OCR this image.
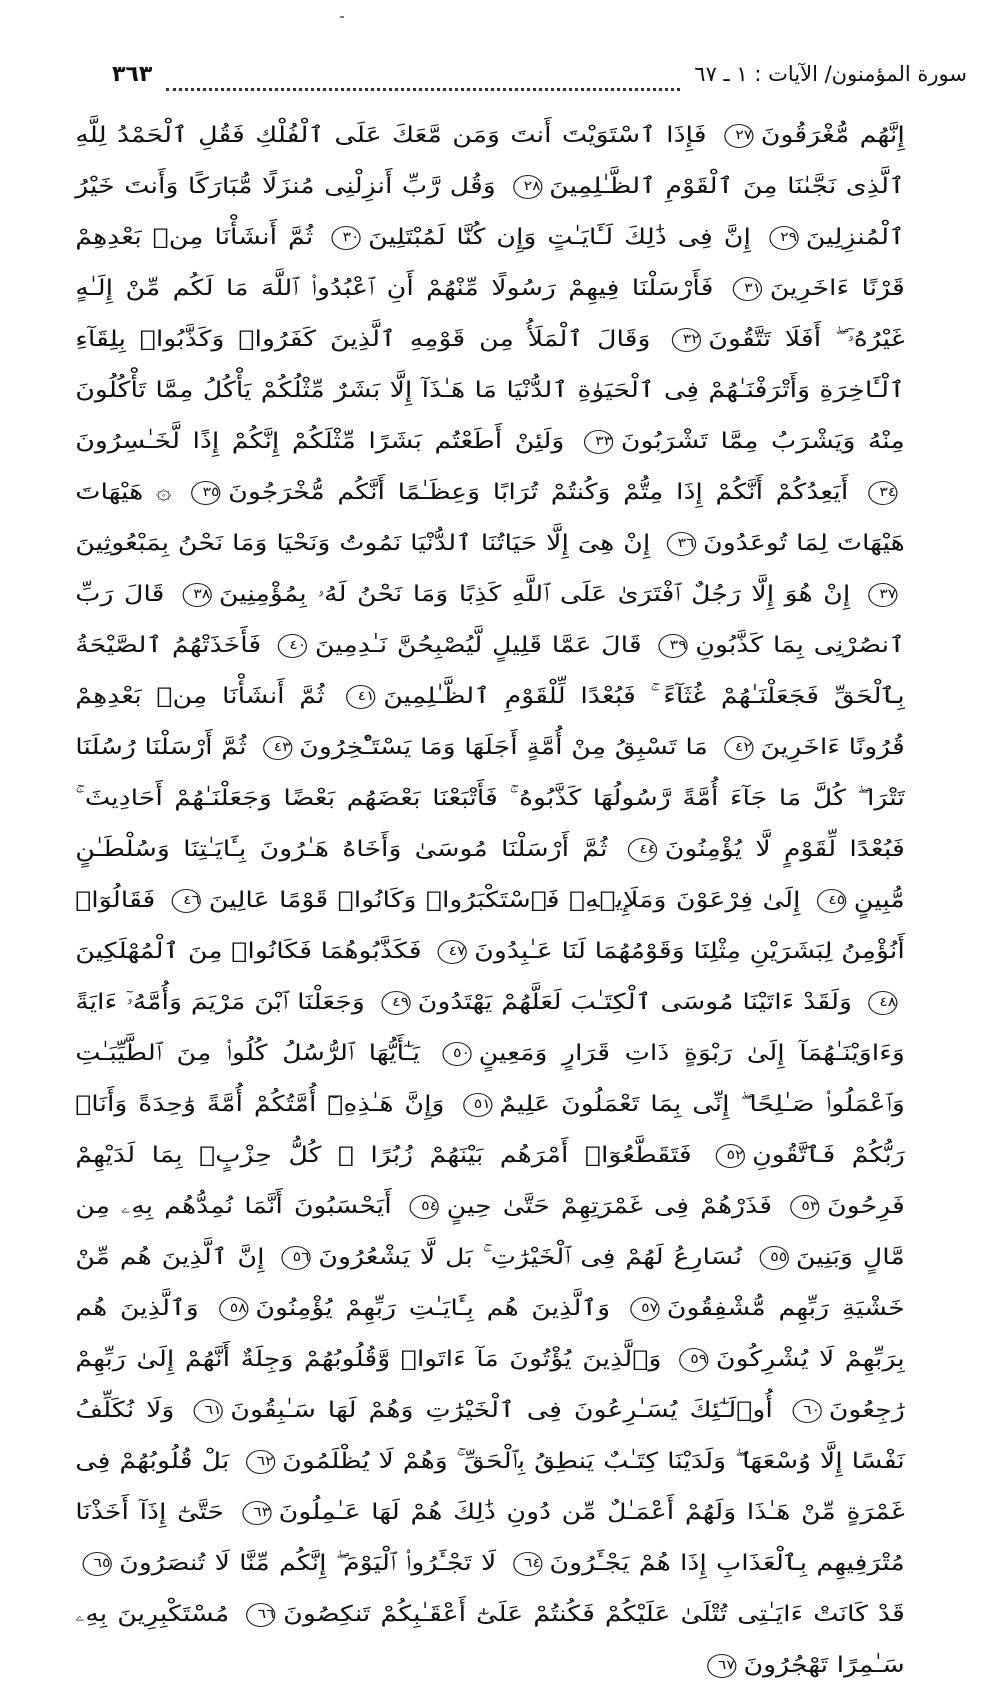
سورة المؤمنون/ الآيات : ١ ـ ٦٧
٣٦٣
إِنَّهُم مُّغْرَقُونَ٢٧ فَإِذَا ٱسْتَوَيْتَ أَنتَ وَمَن مَّعَكَ عَلَى ٱلْفُلْكِ فَقُلِ ٱلْحَمْدُ لِلَّهِ ٱلَّذِى نَجَّىٰنَا مِنَ ٱلْقَوْمِ ٱلظَّـٰلِمِينَ٢٨ وَقُل رَّبِّ أَنزِلْنِى مُنزَلًا مُّبَارَكًا وَأَنتَ خَيْرُ ٱلْمُنزِلِينَ٢٩ إِنَّ فِى ذَٰلِكَ لَـَٔايَـٰتٍ وَإِن كُنَّا لَمُبْتَلِينَ٣٠ ثُمَّ أَنشَأْنَا مِنۢ بَعْدِهِمْ قَرْنًا ءَاخَرِينَ٣١ فَأَرْسَلْنَا فِيهِمْ رَسُولًا مِّنْهُمْ أَنِ ٱعْبُدُوا۟ ٱللَّهَ مَا لَكُم مِّنْ إِلَـٰهٍ غَيْرُهُۥٓ ۖ أَفَلَا تَتَّقُونَ٣٢ وَقَالَ ٱلْمَلَأُ مِن قَوْمِهِ ٱلَّذِينَ كَفَرُوا۟ وَكَذَّبُوا۟ بِلِقَآءِ ٱلْـَٔاخِرَةِ وَأَتْرَفْنَـٰهُمْ فِى ٱلْحَيَوٰةِ ٱلدُّنْيَا مَا هَـٰذَآ إِلَّا بَشَرٌ مِّثْلُكُمْ يَأْكُلُ مِمَّا تَأْكُلُونَ مِنْهُ وَيَشْرَبُ مِمَّا تَشْرَبُونَ٣٣ وَلَئِنْ أَطَعْتُم بَشَرًا مِّثْلَكُمْ إِنَّكُمْ إِذًا لَّخَـٰسِرُونَ٣٤ أَيَعِدُكُمْ أَنَّكُمْ إِذَا مِتُّمْ وَكُنتُمْ تُرَابًا وَعِظَـٰمًا أَنَّكُم مُّخْرَجُونَ٣٥ ۞ هَيْهَاتَ هَيْهَاتَ لِمَا تُوعَدُونَ٣٦ إِنْ هِىَ إِلَّا حَيَاتُنَا ٱلدُّنْيَا نَمُوتُ وَنَحْيَا وَمَا نَحْنُ بِمَبْعُوثِينَ٣٧ إِنْ هُوَ إِلَّا رَجُلٌ ٱفْتَرَىٰ عَلَى ٱللَّهِ كَذِبًا وَمَا نَحْنُ لَهُۥ بِمُؤْمِنِينَ٣٨ قَالَ رَبِّ ٱنصُرْنِى بِمَا كَذَّبُونِ٣٩ قَالَ عَمَّا قَلِيلٍ لَّيُصْبِحُنَّ نَـٰدِمِينَ٤٠ فَأَخَذَتْهُمُ ٱلصَّيْحَةُ بِٱلْحَقِّ فَجَعَلْنَـٰهُمْ غُثَآءً ۚ فَبُعْدًا لِّلْقَوْمِ ٱلظَّـٰلِمِينَ٤١ ثُمَّ أَنشَأْنَا مِنۢ بَعْدِهِمْ قُرُونًا ءَاخَرِينَ٤٢ مَا تَسْبِقُ مِنْ أُمَّةٍ أَجَلَهَا وَمَا يَسْتَـْٔخِرُونَ٤٣ ثُمَّ أَرْسَلْنَا رُسُلَنَا تَتْرَا ۖ كُلَّ مَا جَآءَ أُمَّةً رَّسُولُهَا كَذَّبُوهُ ۚ فَأَتْبَعْنَا بَعْضَهُم بَعْضًا وَجَعَلْنَـٰهُمْ أَحَادِيثَ ۚ فَبُعْدًا لِّقَوْمٍ لَّا يُؤْمِنُونَ٤٤ ثُمَّ أَرْسَلْنَا مُوسَىٰ وَأَخَاهُ هَـٰرُونَ بِـَٔايَـٰتِنَا وَسُلْطَـٰنٍ مُّبِينٍ٤٥ إِلَىٰ فِرْعَوْنَ وَمَلَإِي۟هِۦ فَٱسْتَكْبَرُوا۟ وَكَانُوا۟ قَوْمًا عَالِينَ٤٦ فَقَالُوٓا۟ أَنُؤْمِنُ لِبَشَرَيْنِ مِثْلِنَا وَقَوْمُهُمَا لَنَا عَـٰبِدُونَ٤٧ فَكَذَّبُوهُمَا فَكَانُوا۟ مِنَ ٱلْمُهْلَكِينَ٤٨ وَلَقَدْ ءَاتَيْنَا مُوسَى ٱلْكِتَـٰبَ لَعَلَّهُمْ يَهْتَدُونَ٤٩ وَجَعَلْنَا ٱبْنَ مَرْيَمَ وَأُمَّهُۥٓ ءَايَةً وَءَاوَيْنَـٰهُمَآ إِلَىٰ رَبْوَةٍ ذَاتِ قَرَارٍ وَمَعِينٍ٥٠ يَـٰٓأَيُّهَا ٱلرُّسُلُ كُلُوا۟ مِنَ ٱلطَّيِّبَـٰتِ وَٱعْمَلُوا۟ صَـٰلِحًا ۖ إِنِّى بِمَا تَعْمَلُونَ عَلِيمٌ٥١ وَإِنَّ هَـٰذِهِۦٓ أُمَّتُكُمْ أُمَّةً وَٰحِدَةً وَأَنَا۠ رَبُّكُمْ فَٱتَّقُونِ٥٢ فَتَقَطَّعُوٓا۟ أَمْرَهُم بَيْنَهُمْ زُبُرًا ۖ كُلُّ حِزْبٍۭ بِمَا لَدَيْهِمْ فَرِحُونَ٥٣ فَذَرْهُمْ فِى غَمْرَتِهِمْ حَتَّىٰ حِينٍ٥٤ أَيَحْسَبُونَ أَنَّمَا نُمِدُّهُم بِهِۦ مِن مَّالٍ وَبَنِينَ٥٥ نُسَارِعُ لَهُمْ فِى ٱلْخَيْرَٰتِ ۚ بَل لَّا يَشْعُرُونَ٥٦ إِنَّ ٱلَّذِينَ هُم مِّنْ خَشْيَةِ رَبِّهِم مُّشْفِقُونَ٥٧ وَٱلَّذِينَ هُم بِـَٔايَـٰتِ رَبِّهِمْ يُؤْمِنُونَ٥٨ وَٱلَّذِينَ هُم بِرَبِّهِمْ لَا يُشْرِكُونَ٥٩ وَٱلَّذِينَ يُؤْتُونَ مَآ ءَاتَوا۟ وَّقُلُوبُهُمْ وَجِلَةٌ أَنَّهُمْ إِلَىٰ رَبِّهِمْ رَٰجِعُونَ٦٠ أُو۟لَـٰٓئِكَ يُسَـٰرِعُونَ فِى ٱلْخَيْرَٰتِ وَهُمْ لَهَا سَـٰبِقُونَ٦١ وَلَا نُكَلِّفُ نَفْسًا إِلَّا وُسْعَهَا ۖ وَلَدَيْنَا كِتَـٰبٌ يَنطِقُ بِٱلْحَقِّ ۚ وَهُمْ لَا يُظْلَمُونَ٦٢ بَلْ قُلُوبُهُمْ فِى غَمْرَةٍ مِّنْ هَـٰذَا وَلَهُمْ أَعْمَـٰلٌ مِّن دُونِ ذَٰلِكَ هُمْ لَهَا عَـٰمِلُونَ٦٣ حَتَّىٰٓ إِذَآ أَخَذْنَا مُتْرَفِيهِم بِٱلْعَذَابِ إِذَا هُمْ يَجْـَٔرُونَ٦٤ لَا تَجْـَٔرُوا۟ ٱلْيَوْمَ ۖ إِنَّكُم مِّنَّا لَا تُنصَرُونَ٦٥ قَدْ كَانَتْ ءَايَـٰتِى تُتْلَىٰ عَلَيْكُمْ فَكُنتُمْ عَلَىٰٓ أَعْقَـٰبِكُمْ تَنكِصُونَ٦٦ مُسْتَكْبِرِينَ بِهِۦ سَـٰمِرًا تَهْجُرُونَ٦٧
